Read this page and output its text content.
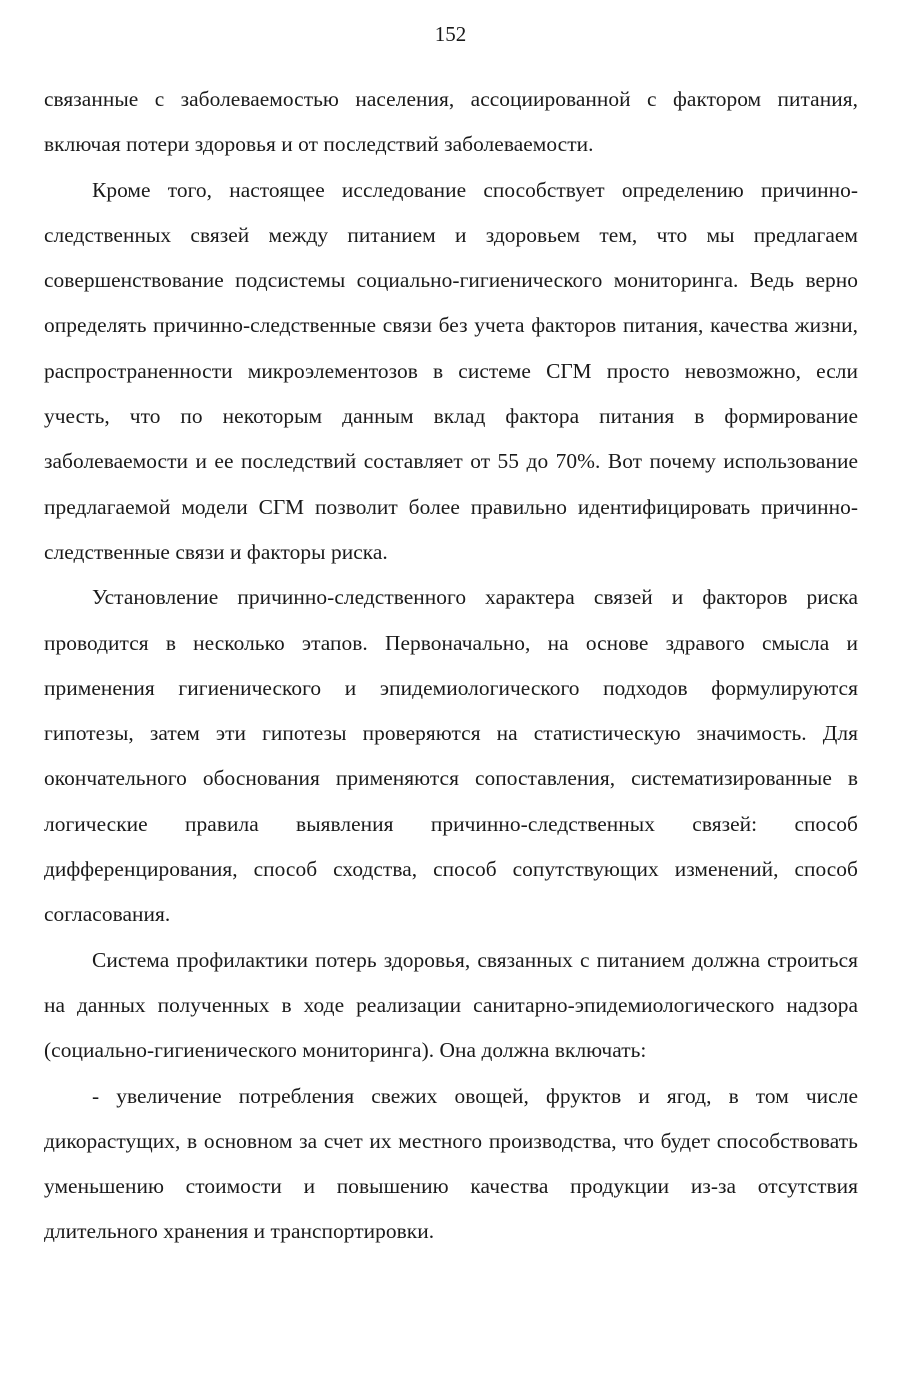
152

связанные с заболеваемостью населения, ассоциированной с фактором питания, включая потери здоровья и от последствий заболеваемости.

Кроме того, настоящее исследование способствует определению причинно-следственных связей между питанием и здоровьем тем, что мы предлагаем совершенствование подсистемы социально-гигиенического мониторинга. Ведь верно определять причинно-следственные связи без учета факторов питания, качества жизни, распространенности микроэлементозов в системе СГМ просто невозможно, если учесть, что по некоторым данным вклад фактора питания в формирование заболеваемости и ее последствий составляет от 55 до 70%. Вот почему использование предлагаемой модели СГМ позволит более правильно идентифицировать причинно-следственные связи и факторы риска.

Установление причинно-следственного характера связей и факторов риска проводится в несколько этапов. Первоначально, на основе здравого смысла и применения гигиенического и эпидемиологического подходов формулируются гипотезы, затем эти гипотезы проверяются на статистическую значимость. Для окончательного обоснования применяются сопоставления, систематизированные в логические правила выявления причинно-следственных связей: способ дифференцирования, способ сходства, способ сопутствующих изменений, способ согласования.

Система профилактики потерь здоровья, связанных с питанием должна строиться на данных полученных в ходе реализации санитарно-эпидемиологического надзора (социально-гигиенического мониторинга). Она должна включать:

- увеличение потребления свежих овощей, фруктов и ягод, в том числе дикорастущих, в основном за счет их местного производства, что будет способствовать уменьшению стоимости и повышению качества продукции из-за отсутствия длительного хранения и транспортировки.
